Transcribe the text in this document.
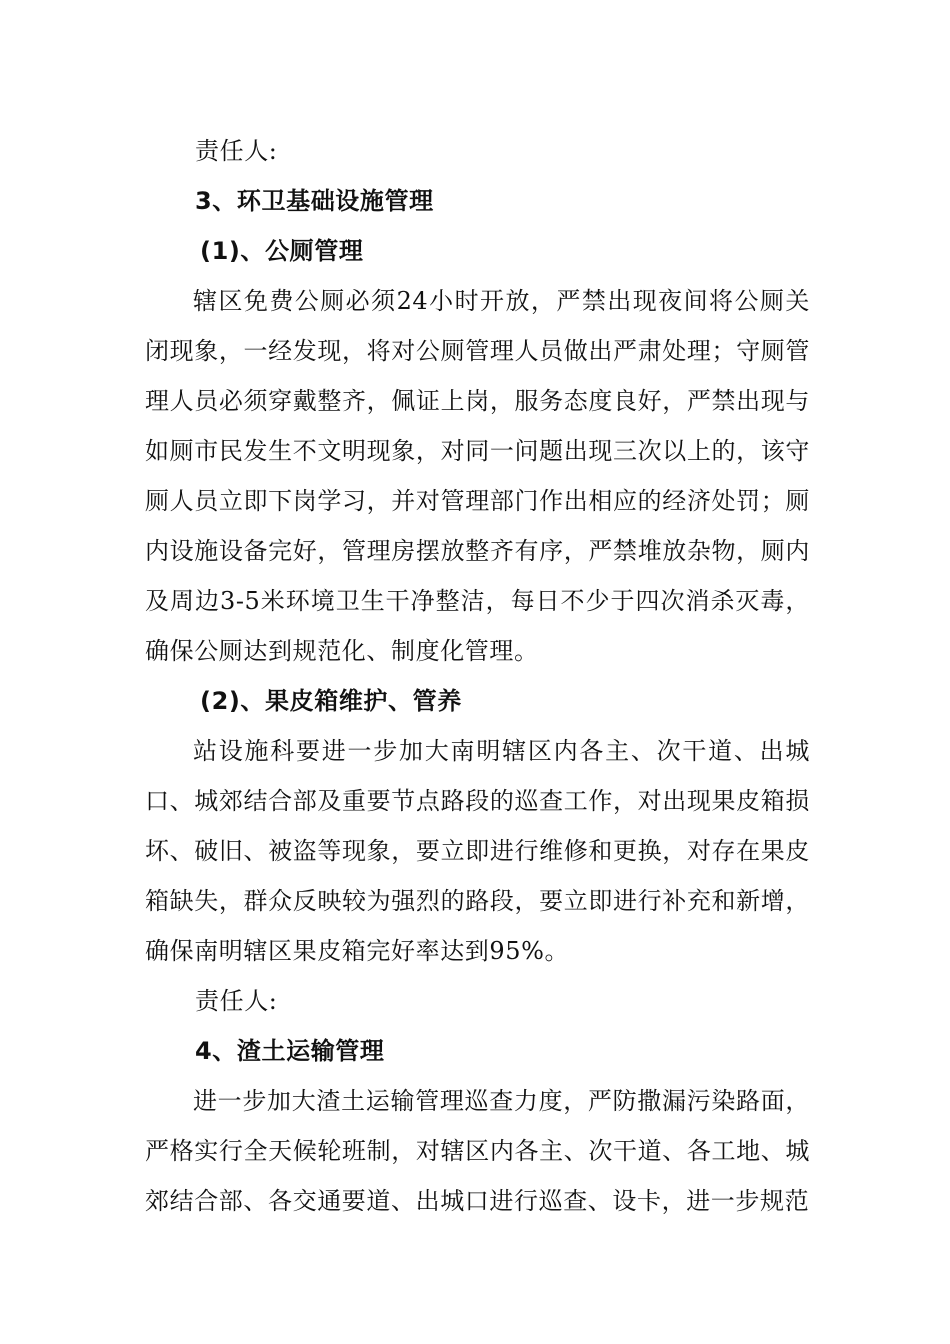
责任人:

3、环卫基础设施管理

(1)、公厕管理

辖区免费公厕必须24小时开放，严禁出现夜间将公厕关闭现象，一经发现，将对公厕管理人员做出严肃处理；守厕管理人员必须穿戴整齐，佩证上岗，服务态度良好，严禁出现与如厕市民发生不文明现象，对同一问题出现三次以上的，该守厕人员立即下岗学习，并对管理部门作出相应的经济处罚；厕内设施设备完好，管理房摆放整齐有序，严禁堆放杂物，厕内及周边3-5米环境卫生干净整洁，每日不少于四次消杀灭毒，确保公厕达到规范化、制度化管理。

(2)、果皮箱维护、管养

站设施科要进一步加大南明辖区内各主、次干道、出城口、城郊结合部及重要节点路段的巡查工作，对出现果皮箱损坏、破旧、被盗等现象，要立即进行维修和更换，对存在果皮箱缺失，群众反映较为强烈的路段，要立即进行补充和新增，确保南明辖区果皮箱完好率达到95%。

责任人:

4、渣土运输管理

进一步加大渣土运输管理巡查力度，严防撒漏污染路面，严格实行全天候轮班制，对辖区内各主、次干道、各工地、城郊结合部、各交通要道、出城口进行巡查、设卡，进一步规范
